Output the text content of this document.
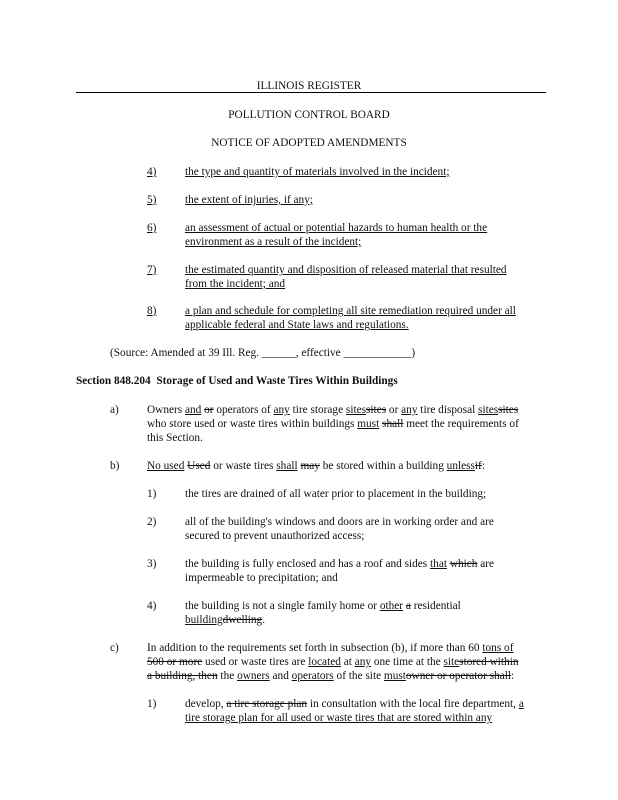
ILLINOIS REGISTER
POLLUTION CONTROL BOARD
NOTICE OF ADOPTED AMENDMENTS
4)	the type and quantity of materials involved in the incident;
5)	the extent of injuries, if any;
6)	an assessment of actual or potential hazards to human health or the
environment as a result of the incident;
7)	the estimated quantity and disposition of released material that resulted
from the incident; and
8)	a plan and schedule for completing all site remediation required under all
applicable federal and State laws and regulations.
(Source: Amended at 39 Ill. Reg. ______, effective ____________)
Section 848.204 Storage of Used and Waste Tires Within Buildings
a) Owners and or operators of any tire storage sitessites or any tire disposal sitessites
who store used or waste tires within buildings must shall meet the requirements of
this Section.
b) No used Used or waste tires shall may be stored within a building unlessif:
1)	the tires are drained of all water prior to placement in the building;
2)	all of the building's windows and doors are in working order and are
secured to prevent unauthorized access;
3)	the building is fully enclosed and has a roof and sides that which are
impermeable to precipitation; and
4)	the building is not a single family home or other a residential
buildingdwelling.
c) In addition to the requirements set forth in subsection (b), if more than 60 tons of
500 or more used or waste tires are located at any one time at the sitestored within
a building, then the owners and operators of the site mustowner or operator shall:
1)	develop, a tire storage plan in consultation with the local fire department, a
tire storage plan for all used or waste tires that are stored within any
